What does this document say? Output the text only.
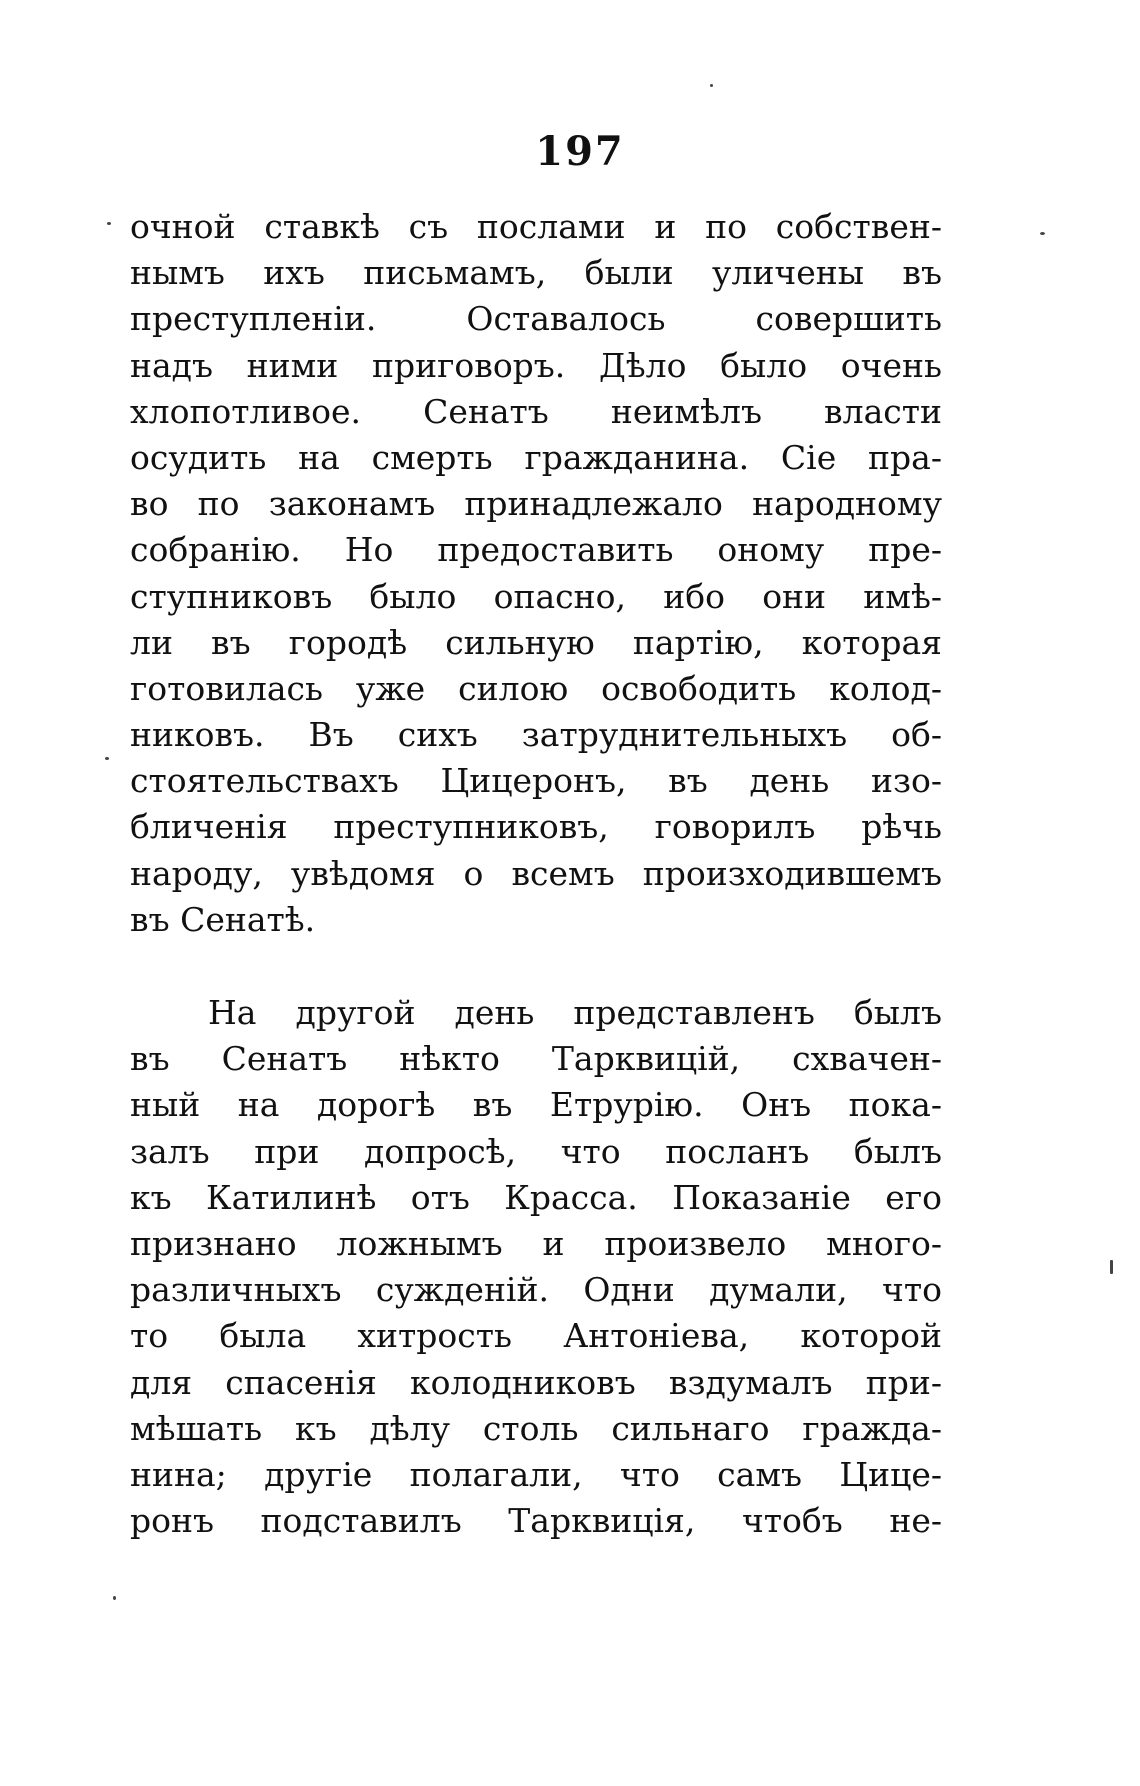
197
очной ставкѣ съ послами и по собствен-
нымъ ихъ письмамъ, были уличены въ
преступленіи. Оставалось совершить
надъ ними приговоръ. Дѣло было очень
хлопотливое. Сенатъ неимѣлъ власти
осудить на смерть гражданина. Сіе пра-
во по законамъ принадлежало народному
собранію. Но предоставить оному пре-
ступниковъ было опасно, ибо они имѣ-
ли въ городѣ сильную партію, которая
готовилась уже силою освободить колод-
никовъ. Въ сихъ затруднительныхъ об-
стоятельствахъ Цицеронъ, въ день изо-
бличенія преступниковъ, говорилъ рѣчь
народу, увѣдомя о всемъ произходившемъ
въ Сенатѣ.
На другой день представленъ былъ
въ Сенатъ нѣкто Тарквицій, схвачен-
ный на дорогѣ въ Етрурію. Онъ пока-
залъ при допросѣ, что посланъ былъ
къ Катилинѣ отъ Красса. Показаніе его
признано ложнымъ и произвело много-
различныхъ сужденій. Одни думали, что
то была хитрость Антоніева, которой
для спасенія колодниковъ вздумалъ при-
мѣшать къ дѣлу столь сильнаго гражда-
нина; другіе полагали, что самъ Цице-
ронъ подставилъ Тарквиція, чтобъ не-
